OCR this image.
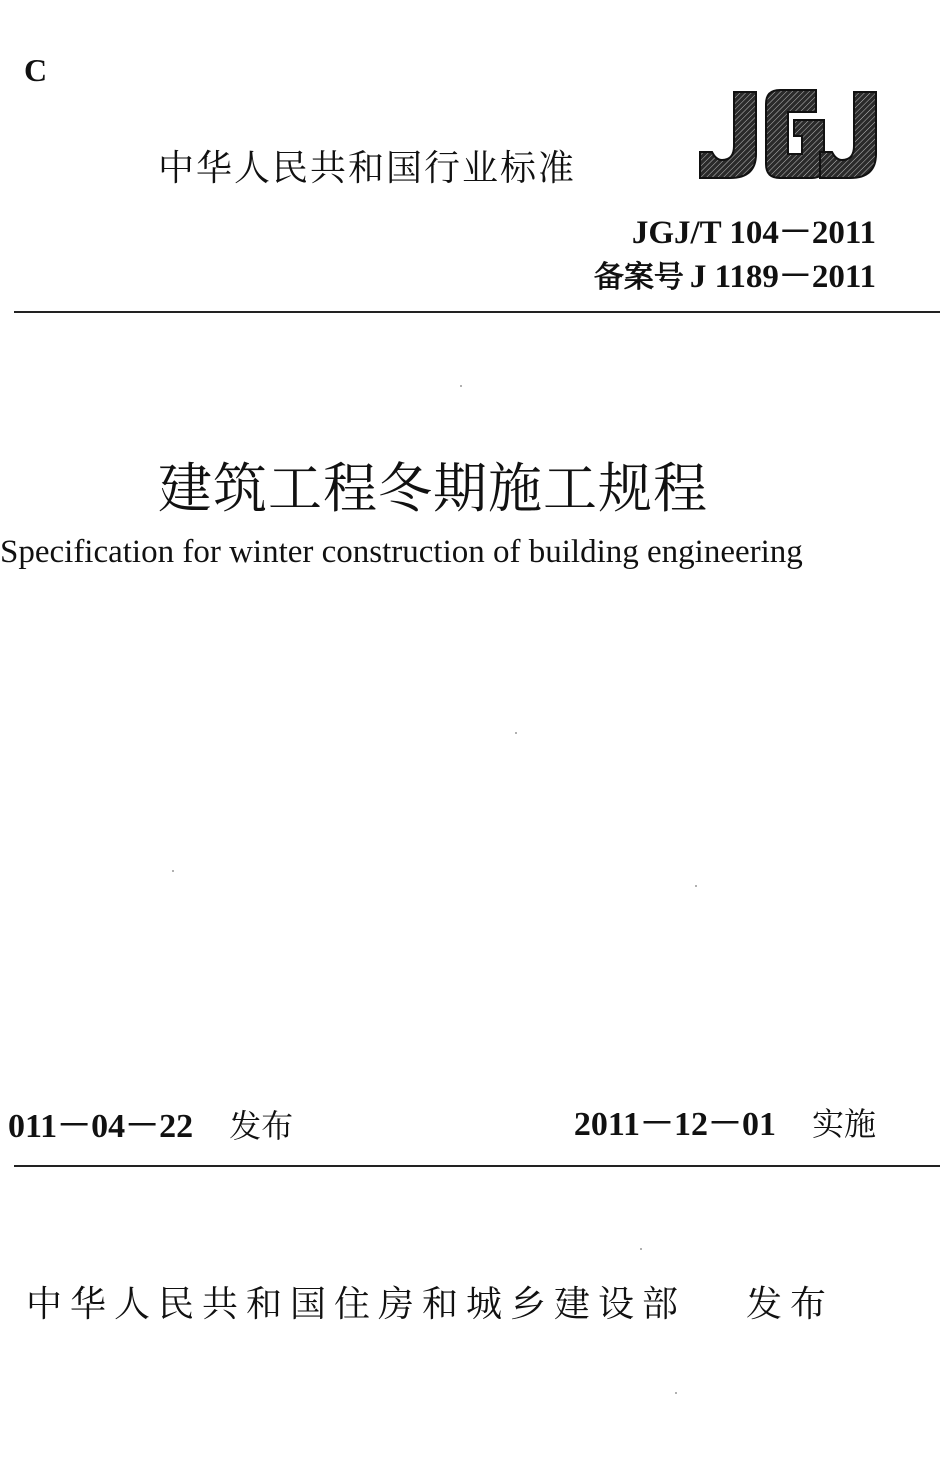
C
中华人民共和国行业标准
JGJ/T 104－2011
备案号 J 1189－2011
建筑工程冬期施工规程
Specification for winter construction of building engineering
011－04－22 发布	2011－12－01 实施
中华人民共和国住房和城乡建设部 发布
